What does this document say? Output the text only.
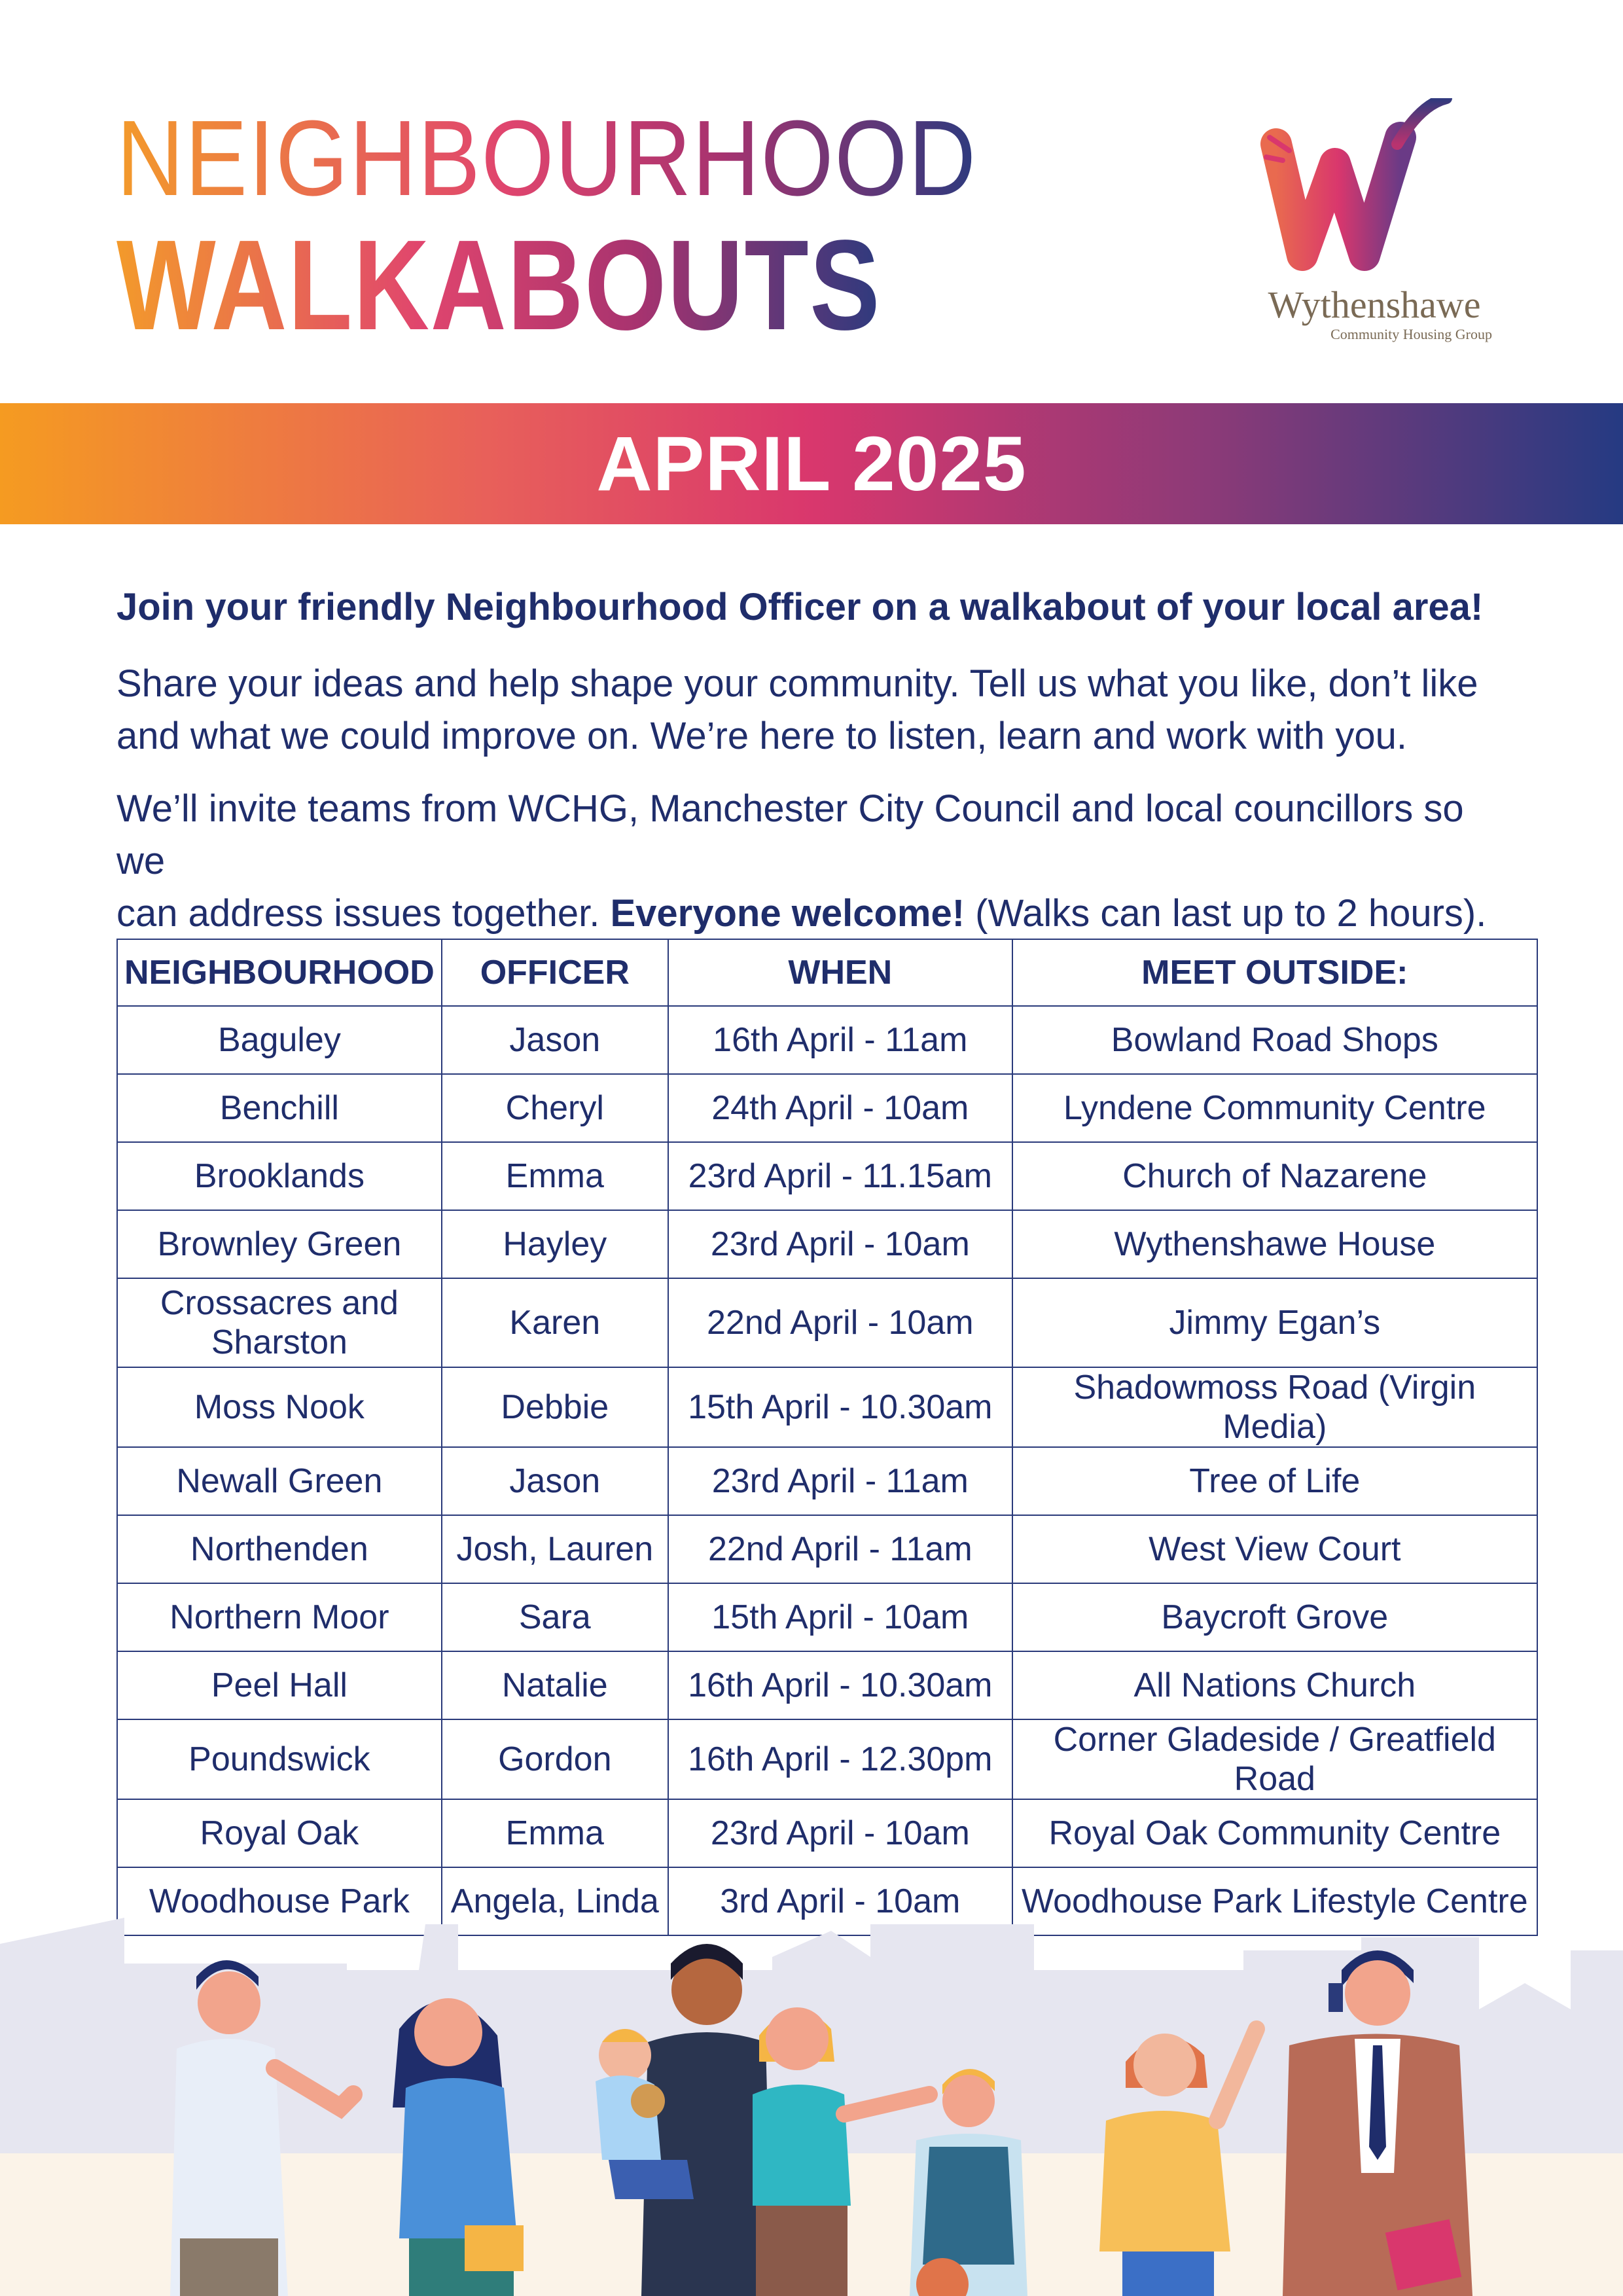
NEIGHBOURHOOD
WALKABOUTS	Wythenshawe
Community Housing Group
APRIL 2025
Join your friendly Neighbourhood Officer on a walkabout of your local area!
Share your ideas and help shape your community. Tell us what you like, don’t like
and what we could improve on. We’re here to listen, learn and work with you.
We’ll invite teams from WCHG, Manchester City Council and local councillors so we
can address issues together. Everyone welcome! (Walks can last up to 2 hours).
NEIGHBOURHOOD	OFFICER	WHEN	MEET OUTSIDE:
Baguley	Jason	16th April - 11am	Bowland Road Shops
Benchill	Cheryl	24th April - 10am	Lyndene Community Centre
Brooklands	Emma	23rd April - 11.15am	Church of Nazarene
Brownley Green	Hayley	23rd April - 10am	Wythenshawe House

Crossacres and
Sharston	Karen	22nd April - 10am	Jimmy Egan’s
Moss Nook	Debbie	15th April - 10.30am	Shadowmoss Road (Virgin Media)
Newall Green	Jason	23rd April - 11am	Tree of Life
Northenden	Josh, Lauren	22nd April - 11am	West View Court
Northern Moor	Sara	15th April - 10am	Baycroft Grove
Peel Hall	Natalie	16th April - 10.30am	All Nations Church
Poundswick	Gordon	16th April - 12.30pm	Corner Gladeside / Greatfield Road
Royal Oak	Emma	23rd April - 10am	Royal Oak Community Centre
Woodhouse Park	Angela, Linda	3rd April - 10am	Woodhouse Park Lifestyle Centre
